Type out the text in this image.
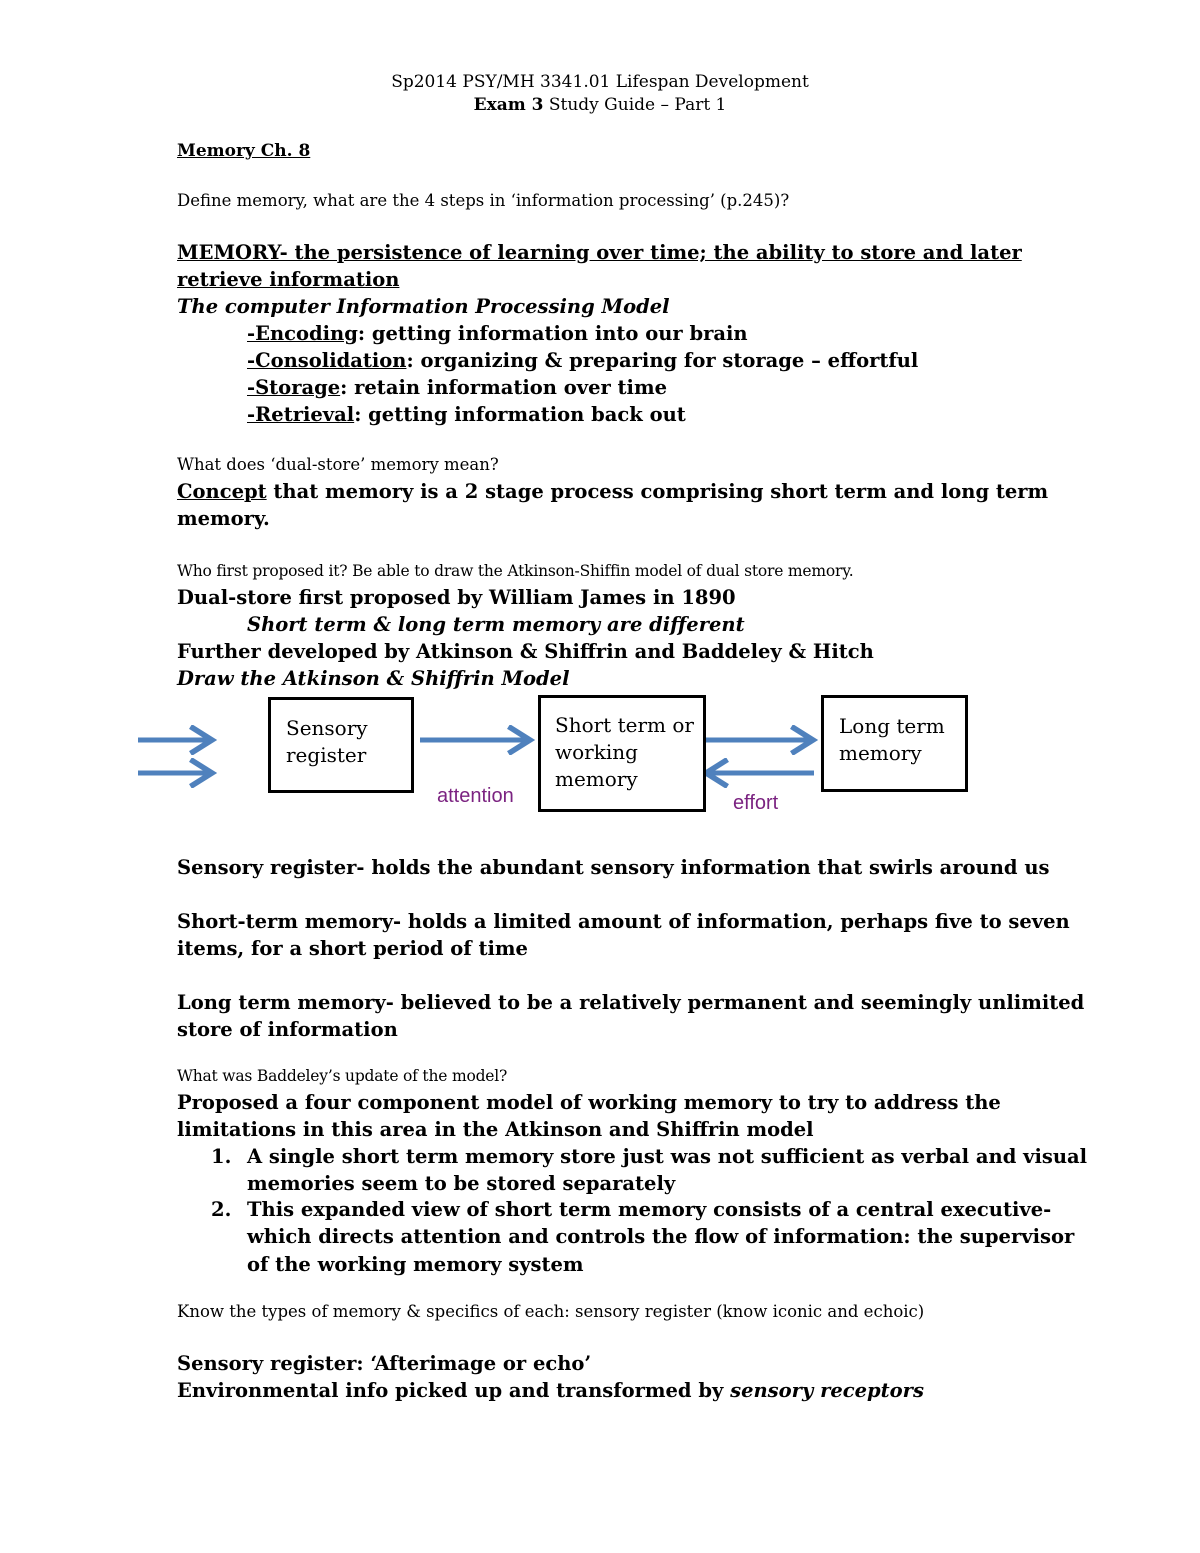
Sp2014 PSY/MH 3341.01 Lifespan Development
Exam 3 Study Guide – Part 1
Memory Ch. 8
Define memory, what are the 4 steps in ‘information processing’ (p.245)?
MEMORY- the persistence of learning over time; the ability to store and later
retrieve information
The computer Information Processing Model
-Encoding: getting information into our brain
-Consolidation: organizing & preparing for storage – effortful
-Storage: retain information over time
-Retrieval: getting information back out
What does ‘dual-store’ memory mean?
Concept that memory is a 2 stage process comprising short term and long term
memory.
Who first proposed it? Be able to draw the Atkinson-Shiffin model of dual store memory.
Dual-store first proposed by William James in 1890
Short term & long term memory are different
Further developed by Atkinson & Shiffrin and Baddeley & Hitch
Draw the Atkinson & Shiffrin Model
Sensory
register
Short term or
working
memory
Long term
memory
attention	effort
Sensory register- holds the abundant sensory information that swirls around us
Short-term memory- holds a limited amount of information, perhaps five to seven
items, for a short period of time
Long term memory- believed to be a relatively permanent and seemingly unlimited
store of information
What was Baddeley’s update of the model?
Proposed a four component model of working memory to try to address the
limitations in this area in the Atkinson and Shiffrin model
1. A single short term memory store just was not sufficient as verbal and visual
memories seem to be stored separately
2. This expanded view of short term memory consists of a central executive-
which directs attention and controls the flow of information: the supervisor
of the working memory system
Know the types of memory & specifics of each: sensory register (know iconic and echoic)
Sensory register: ‘Afterimage or echo’
Environmental info picked up and transformed by sensory receptors
